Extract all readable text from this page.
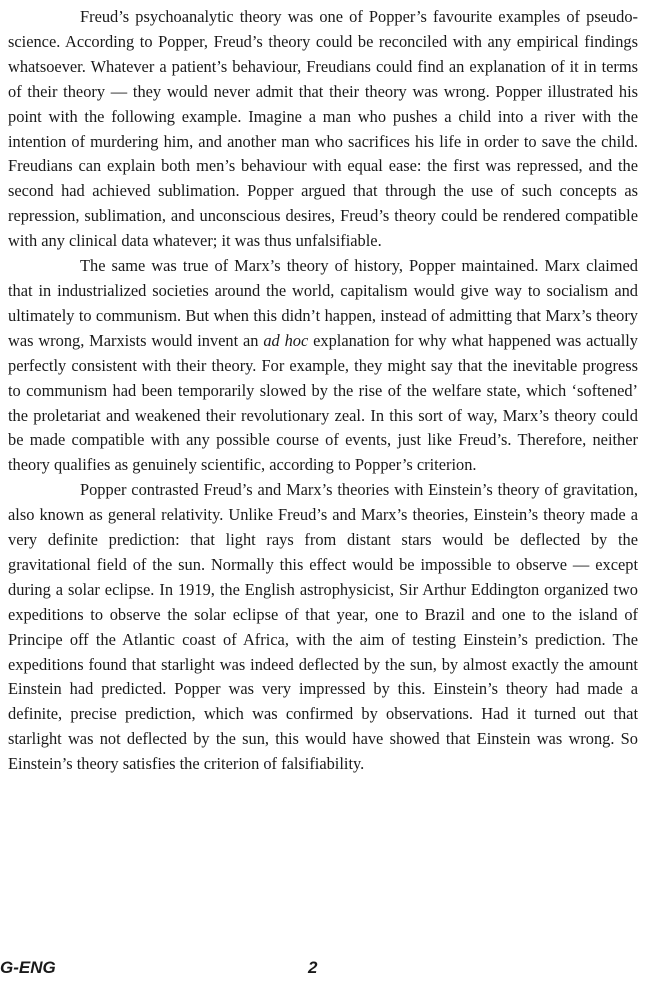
Freud’s psychoanalytic theory was one of Popper’s favourite examples of pseudo-science. According to Popper, Freud’s theory could be reconciled with any empirical findings whatsoever. Whatever a patient’s behaviour, Freudians could find an explanation of it in terms of their theory — they would never admit that their theory was wrong. Popper illustrated his point with the following example. Imagine a man who pushes a child into a river with the intention of murdering him, and another man who sacrifices his life in order to save the child. Freudians can explain both men’s behaviour with equal ease: the first was repressed, and the second had achieved sublimation. Popper argued that through the use of such concepts as repression, sublimation, and unconscious desires, Freud’s theory could be rendered compatible with any clinical data whatever; it was thus unfalsifiable.

The same was true of Marx’s theory of history, Popper maintained. Marx claimed that in industrialized societies around the world, capitalism would give way to socialism and ultimately to communism. But when this didn’t happen, instead of admitting that Marx’s theory was wrong, Marxists would invent an ad hoc explanation for why what happened was actually perfectly consistent with their theory. For example, they might say that the inevitable progress to communism had been temporarily slowed by the rise of the welfare state, which ‘softened’ the proletariat and weakened their revolutionary zeal. In this sort of way, Marx’s theory could be made compatible with any possible course of events, just like Freud’s. Therefore, neither theory qualifies as genuinely scientific, according to Popper’s criterion.

Popper contrasted Freud’s and Marx’s theories with Einstein’s theory of gravitation, also known as general relativity. Unlike Freud’s and Marx’s theories, Einstein’s theory made a very definite prediction: that light rays from distant stars would be deflected by the gravitational field of the sun. Normally this effect would be impossible to observe — except during a solar eclipse. In 1919, the English astrophysicist, Sir Arthur Eddington organized two expeditions to observe the solar eclipse of that year, one to Brazil and one to the island of Principe off the Atlantic coast of Africa, with the aim of testing Einstein’s prediction. The expeditions found that starlight was indeed deflected by the sun, by almost exactly the amount Einstein had predicted. Popper was very impressed by this. Einstein’s theory had made a definite, precise prediction, which was confirmed by observations. Had it turned out that starlight was not deflected by the sun, this would have showed that Einstein was wrong. So Einstein’s theory satisfies the criterion of falsifiability.

G-ENG	2
